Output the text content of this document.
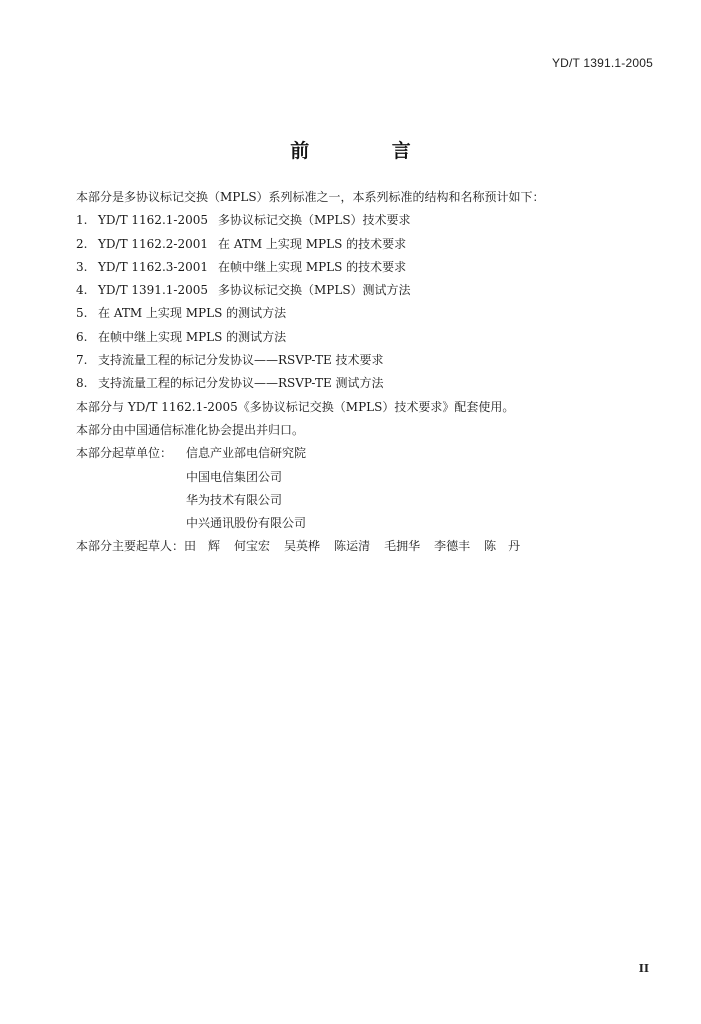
YD/T 1391.1-2005
前 言
本部分是多协议标记交换（MPLS）系列标准之一，本系列标准的结构和名称预计如下：
1. YD/T 1162.1-2005 多协议标记交换（MPLS）技术要求
2. YD/T 1162.2-2001 在 ATM 上实现 MPLS 的技术要求
3. YD/T 1162.3-2001 在帧中继上实现 MPLS 的技术要求
4. YD/T 1391.1-2005 多协议标记交换（MPLS）测试方法
5. 在 ATM 上实现 MPLS 的测试方法
6. 在帧中继上实现 MPLS 的测试方法
7. 支持流量工程的标记分发协议——RSVP-TE 技术要求
8. 支持流量工程的标记分发协议——RSVP-TE 测试方法
本部分与 YD/T 1162.1-2005《多协议标记交换（MPLS）技术要求》配套使用。
本部分由中国通信标准化协会提出并归口。
本部分起草单位：	信息产业部电信研究院
中国电信集团公司
华为技术有限公司
中兴通讯股份有限公司
本部分主要起草人：田　辉 何宝宏 吴英桦 陈运清 毛拥华 李德丰 陈　丹
II
